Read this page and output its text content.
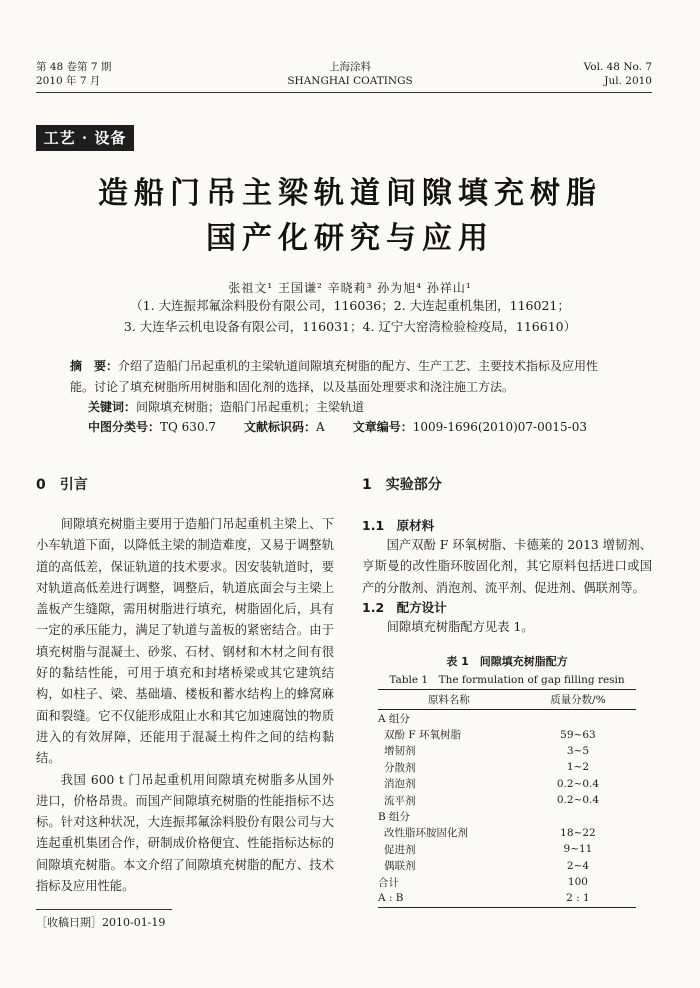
第 48 卷第 7 期
2010 年 7 月
上海涂料
SHANGHAI COATINGS
Vol. 48 No. 7
Jul. 2010
工艺 · 设备
造船门吊主梁轨道间隙填充树脂
国产化研究与应用
张祖文¹ 王国谦² 辛晓莉³ 孙为旭⁴ 孙祥山¹
（1. 大连振邦氟涂料股份有限公司，116036；2. 大连起重机集团，116021；
3. 大连华云机电设备有限公司，116031；4. 辽宁大窑湾检验检疫局，116610）
摘　要：介绍了造船门吊起重机的主梁轨道间隙填充树脂的配方、生产工艺、主要技术指标及应用性能。讨论了填充树脂所用树脂和固化剂的选择，以及基面处理要求和浇注施工方法。
关键词：间隙填充树脂；造船门吊起重机；主梁轨道
中图分类号：TQ 630.7 文献标识码：A 文章编号：1009-1696(2010)07-0015-03
0　引言

间隙填充树脂主要用于造船门吊起重机主梁上、下小车轨道下面，以降低主梁的制造难度，又易于调整轨道的高低差，保证轨道的技术要求。因安装轨道时，要对轨道高低差进行调整，调整后，轨道底面会与主梁上盖板产生缝隙，需用树脂进行填充，树脂固化后，具有一定的承压能力，满足了轨道与盖板的紧密结合。由于填充树脂与混凝土、砂浆、石材、钢材和木材之间有很好的黏结性能，可用于填充和封堵桥梁或其它建筑结构，如柱子、梁、基础墙、楼板和蓄水结构上的蜂窝麻面和裂缝。它不仅能形成阻止水和其它加速腐蚀的物质进入的有效屏障，还能用于混凝土构件之间的结构黏结。

我国 600 t 门吊起重机用间隙填充树脂多从国外进口，价格昂贵。而国产间隙填充树脂的性能指标不达标。针对这种状况，大连振邦氟涂料股份有限公司与大连起重机集团合作，研制成价格便宜、性能指标达标的间隙填充树脂。本文介绍了间隙填充树脂的配方、技术指标及应用性能。

1　实验部分
1.1　原材料

国产双酚 F 环氧树脂、卡德莱的 2013 增韧剂、亨斯曼的改性脂环胺固化剂，其它原料包括进口或国产的分散剂、消泡剂、流平剂、促进剂、偶联剂等。

1.2　配方设计

间隙填充树脂配方见表 1。

表 1　间隙填充树脂配方
Table 1　The formulation of gap filling resin
原料名称	质量分数/%
A 组分	
双酚 F 环氧树脂	59~63
增韧剂	3~5
分散剂	1~2
消泡剂	0.2~0.4
流平剂	0.2~0.4
B 组分	
改性脂环胺固化剂	18~22
促进剂	9~11
偶联剂	2~4
合计	100
A : B	2 : 1
［收稿日期］2010-01-19
